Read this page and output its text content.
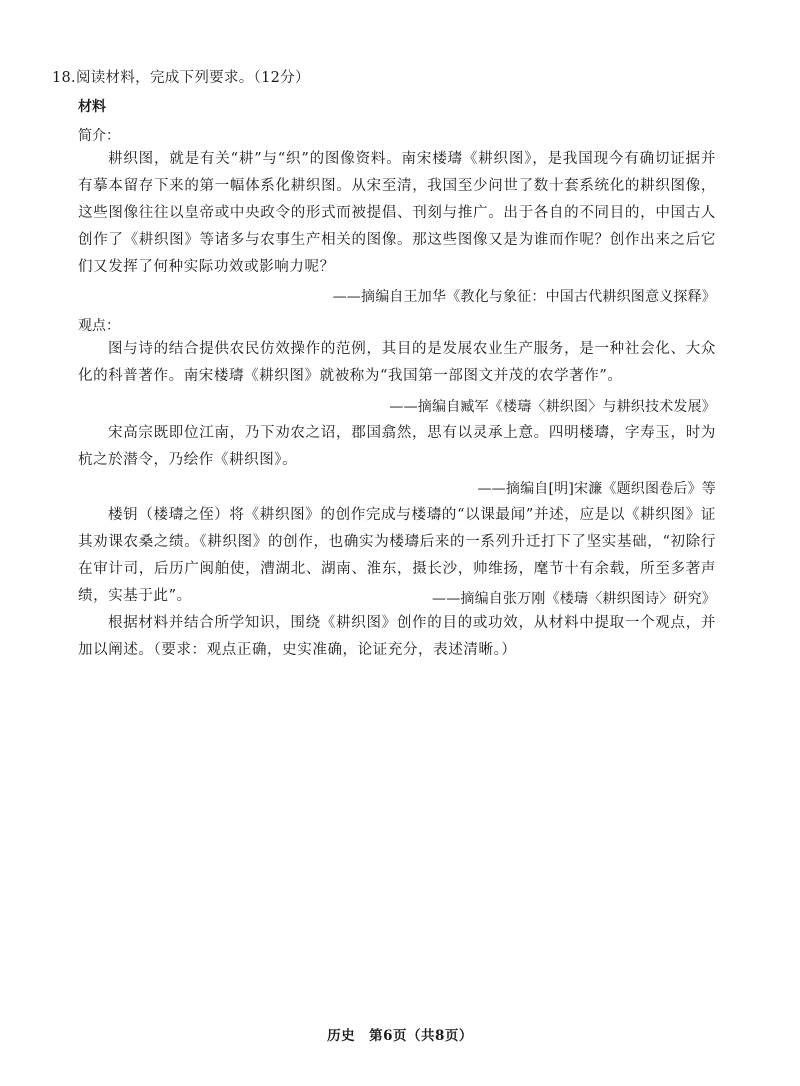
18.阅读材料，完成下列要求。（12分）
材料
简介：
耕织图，就是有关“耕”与“织”的图像资料。南宋楼璹《耕织图》，是我国现今有确切证据并有摹本留存下来的第一幅体系化耕织图。从宋至清，我国至少问世了数十套系统化的耕织图像，这些图像往往以皇帝或中央政令的形式而被提倡、刊刻与推广。出于各自的不同目的，中国古人创作了《耕织图》等诸多与农事生产相关的图像。那这些图像又是为谁而作呢？创作出来之后它们又发挥了何种实际功效或影响力呢？
——摘编自王加华《教化与象征：中国古代耕织图意义探释》
观点：
图与诗的结合提供农民仿效操作的范例，其目的是发展农业生产服务，是一种社会化、大众化的科普著作。南宋楼璹《耕织图》就被称为“我国第一部图文并茂的农学著作”。
——摘编自臧军《楼璹〈耕织图〉与耕织技术发展》
宋高宗既即位江南，乃下劝农之诏，郡国翕然，思有以灵承上意。四明楼璹，字寿玉，时为杭之於潜令，乃绘作《耕织图》。
——摘编自[明]宋濂《题织图卷后》等
楼钥（楼璹之侄）将《耕织图》的创作完成与楼璹的“以课最闻”并述，应是以《耕织图》证其劝课农桑之绩。《耕织图》的创作，也确实为楼璹后来的一系列升迁打下了坚实基础，“初除行在审计司，后历广闽舶使，漕湖北、湖南、淮东，摄长沙，帅维扬，麾节十有余载，所至多著声绩，实基于此”。	——摘编自张万刚《楼璹〈耕织图诗〉研究》
根据材料并结合所学知识，围绕《耕织图》创作的目的或功效，从材料中提取一个观点，并加以阐述。（要求：观点正确，史实准确，论证充分，表述清晰。）
历史　第6页（共8页）
